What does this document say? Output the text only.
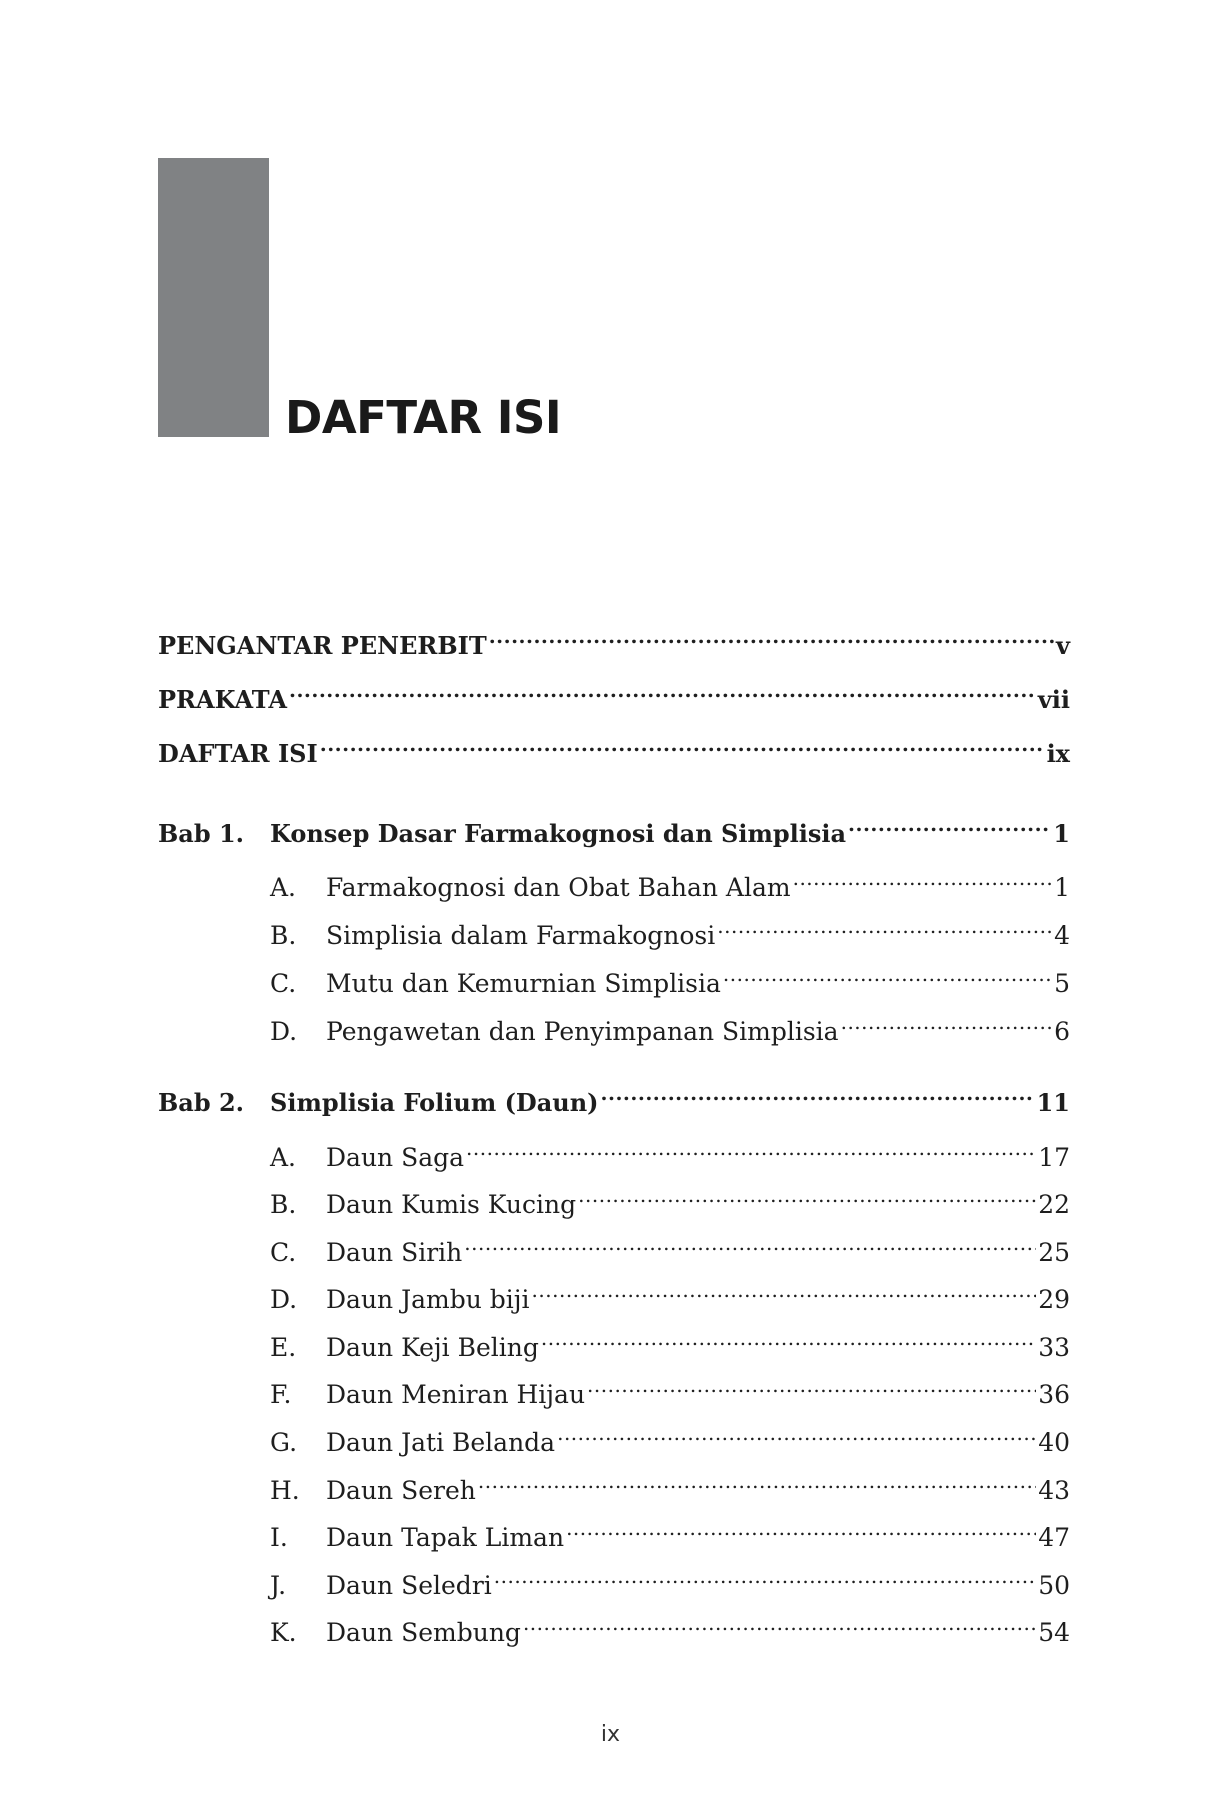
DAFTAR ISI
PENGANTAR PENERBIT .....	v
PRAKATA .....	vii
DAFTAR ISI .....	ix
Bab 1.	Konsep Dasar Farmakognosi dan Simplisia .....	1
A.	Farmakognosi dan Obat Bahan Alam .....	1
B.	Simplisia dalam Farmakognosi .....	4
C.	Mutu dan Kemurnian Simplisia .....	5
D.	Pengawetan dan Penyimpanan Simplisia .....	6
Bab 2.	Simplisia Folium (Daun) .....	11
A.	Daun Saga .....	17
B.	Daun Kumis Kucing .....	22
C.	Daun Sirih .....	25
D.	Daun Jambu biji .....	29
E.	Daun Keji Beling .....	33
F.	Daun Meniran Hijau .....	36
G.	Daun Jati Belanda .....	40
H.	Daun Sereh .....	43
I.	Daun Tapak Liman .....	47
J.	Daun Seledri .....	50
K.	Daun Sembung .....	54
ix
